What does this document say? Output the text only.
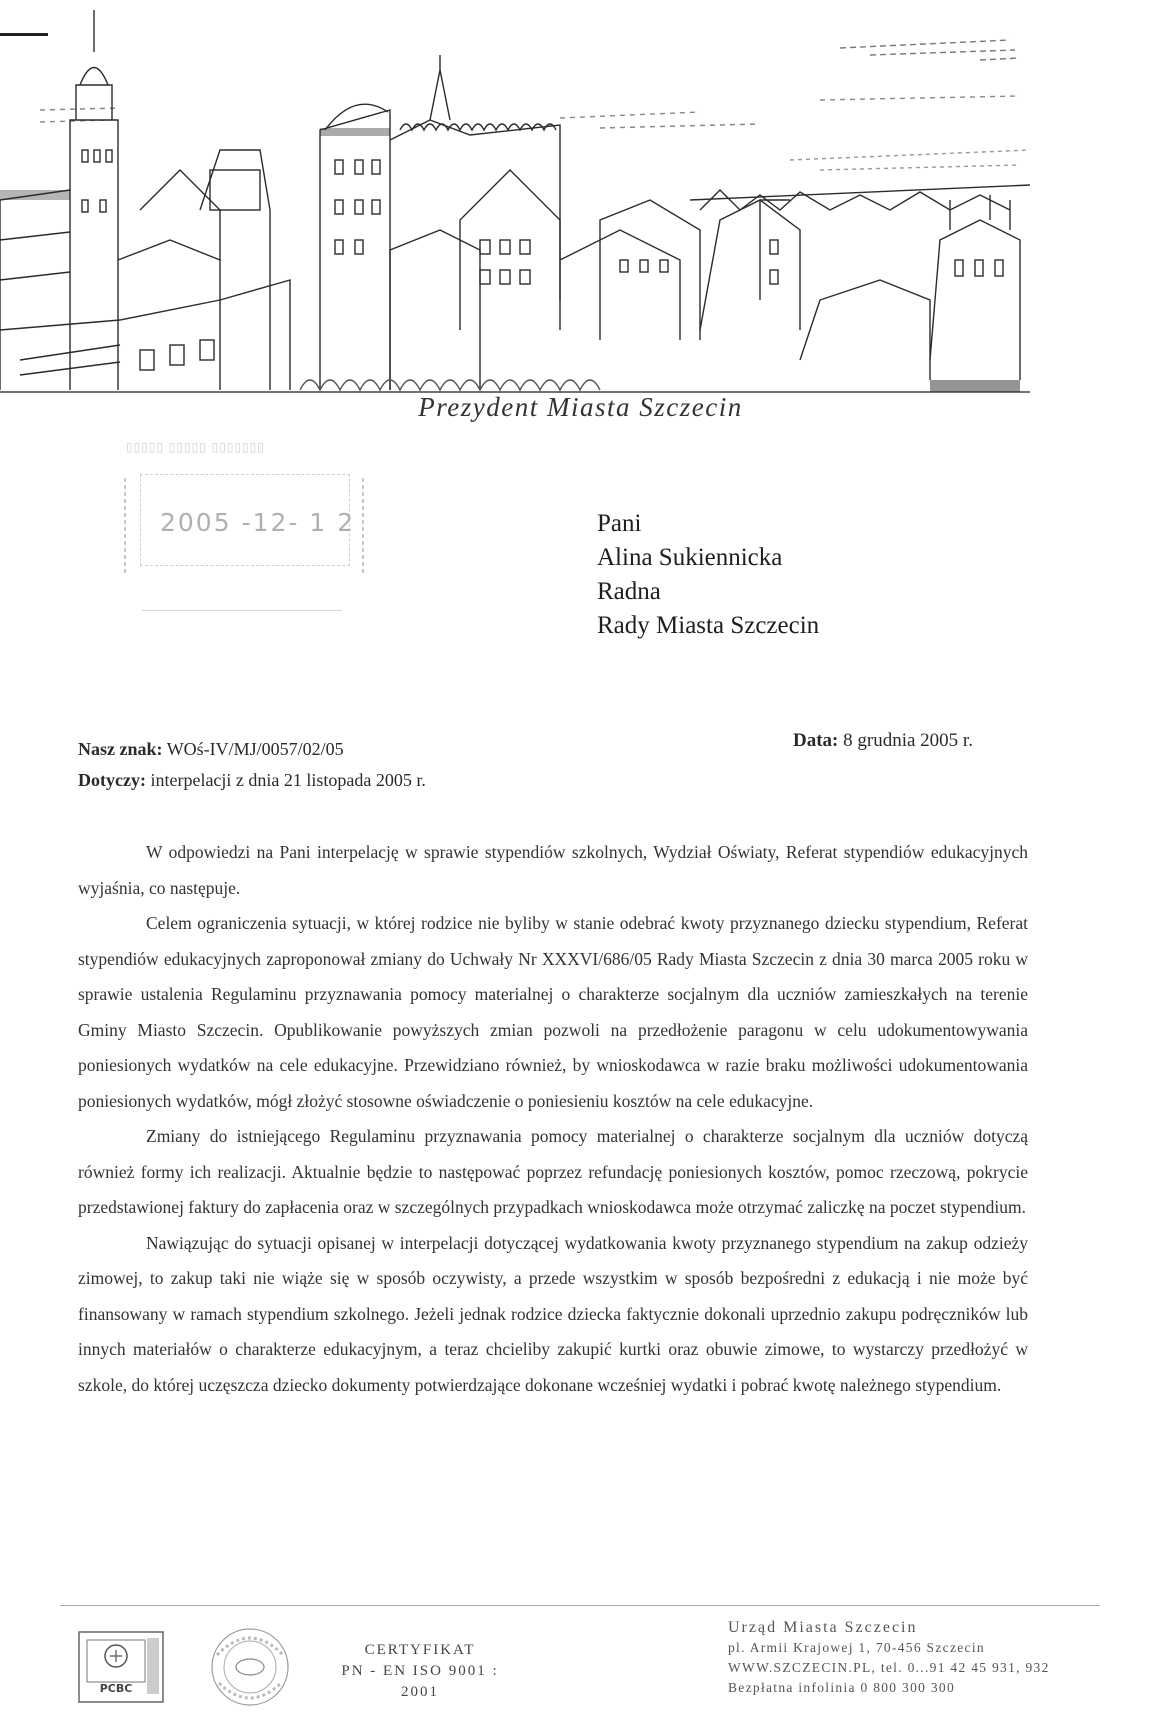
Prezydent Miasta Szczecin
▯▯▯▯▯ ▯▯▯▯▯ ▯▯▯▯▯▯▯
2005 -12- 1 2	Pani
Alina Sukiennicka
Radna
Rady Miasta Szczecin
Nasz znak: WOś-IV/MJ/0057/02/05
Dotyczy: interpelacji z dnia 21 listopada 2005 r.
Data: 8 grudnia 2005 r.

W odpowiedzi na Pani interpelację w sprawie stypendiów szkolnych, Wydział Oświaty, Referat stypendiów edukacyjnych wyjaśnia, co następuje.

Celem ograniczenia sytuacji, w której rodzice nie byliby w stanie odebrać kwoty przyznanego dziecku stypendium, Referat stypendiów edukacyjnych zaproponował zmiany do Uchwały Nr XXXVI/686/05 Rady Miasta Szczecin z dnia 30 marca 2005 roku w sprawie ustalenia Regulaminu przyznawania pomocy materialnej o charakterze socjalnym dla uczniów zamieszkałych na terenie Gminy Miasto Szczecin. Opublikowanie powyższych zmian pozwoli na przedłożenie paragonu w celu udokumentowywania poniesionych wydatków na cele edukacyjne. Przewidziano również, by wnioskodawca w razie braku możliwości udokumentowania poniesionych wydatków, mógł złożyć stosowne oświadczenie o poniesieniu kosztów na cele edukacyjne.

Zmiany do istniejącego Regulaminu przyznawania pomocy materialnej o charakterze socjalnym dla uczniów dotyczą również formy ich realizacji. Aktualnie będzie to następować poprzez refundację poniesionych kosztów, pomoc rzeczową, pokrycie przedstawionej faktury do zapłacenia oraz w szczególnych przypadkach wnioskodawca może otrzymać zaliczkę na poczet stypendium.

Nawiązując do sytuacji opisanej w interpelacji dotyczącej wydatkowania kwoty przyznanego stypendium na zakup odzieży zimowej, to zakup taki nie wiąże się w sposób oczywisty, a przede wszystkim w sposób bezpośredni z edukacją i nie może być finansowany w ramach stypendium szkolnego. Jeżeli jednak rodzice dziecka faktycznie dokonali uprzednio zakupu podręczników lub innych materiałów o charakterze edukacyjnym, a teraz chcieliby zakupić kurtki oraz obuwie zimowe, to wystarczy przedłożyć w szkole, do której uczęszcza dziecko dokumenty potwierdzające dokonane wcześniej wydatki i pobrać kwotę należnego stypendium.

PCBC
CERTYFIKAT
PN - EN ISO 9001 : 2001
Urząd Miasta Szczecin
pl. Armii Krajowej 1, 70-456 Szczecin
WWW.SZCZECIN.PL, tel. 0...91 42 45 931, 932
Bezpłatna infolinia 0 800 300 300
